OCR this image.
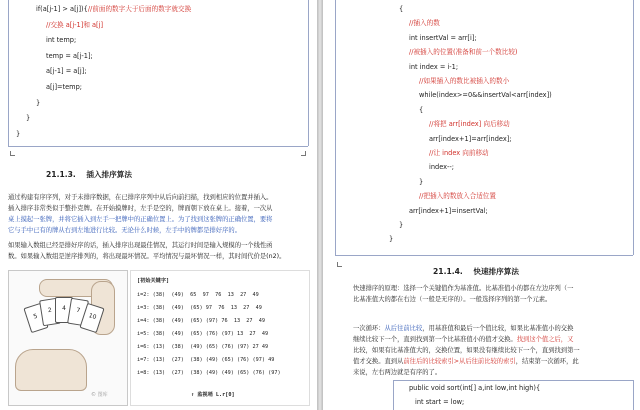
if(a[j-1] > a[j]){//前面的数字大于后面的数字就交换
//交换 a[j-1]和 a[j]
int temp;
temp = a[j-1];
a[j-1] = a[j];
a[j]=temp;
}
}
}
21.1.3. 插入排序算法
通过构建有序序列，对于未排序数据，在已排序序列中从后向前扫描，找到相应的位置并插入。
插入排序非常类似于整扑克牌。在开始摸牌时，左手是空的，牌面朝下放在桌上。接着，一次从
桌上摸起一张牌，并将它插入到左手一把牌中的正确位置上。为了找到这张牌的正确位置，要将
它与手中已有的牌从右到左地进行比较。无论什么时候，左手中的牌都是排好序的。
如果输入数组已经是排好序的话，插入排序出现最佳情况，其运行时间是输入规模的一个线性函
数。如果输入数组是逆序排列的，将出现最坏情况。平均情况与最坏情况一样，其时间代价是(n2)。
5
2	4	7
10
© 图库
[初始关键字]
i=2: (38)  (49)  65  97  76  13  27  49
i=3: (38)  (49)  (65) 97  76  13  27  49
i=4: (38)  (49)  (65) (97) 76  13  27  49
i=5: (38)  (49)  (65) (76) (97) 13  27  49
i=6: (13)  (38)  (49) (65) (76) (97) 27 49
i=7: (13)  (27)  (38) (49) (65) (76) (97) 49
i=8: (13)  (27)  (38) (49) (49) (65) (76) (97)
↑ 监视哨 L.r[0]
{
//插入的数
int insertVal = arr[i];
//被插入的位置(准备和前一个数比较)
int index = i-1;
//如果插入的数比被插入的数小
while(index>=0&&insertVal<arr[index])
{
//将把 arr[index] 向后移动
arr[index+1]=arr[index];
//让 index 向前移动
index--;
}
//把插入的数放入合适位置
arr[index+1]=insertVal;
}
}
21.1.4. 快速排序算法
快速排序的原理：选择一个关键值作为基准值。比基准值小的都在左边序列（一
比基准值大的都在右边（一般是无序的）。一般选择序列的第一个元素。
一次循环：从后往前比较，用基准值和最后一个值比较，如果比基准值小的交换
继续比较下一个，直到找到第一个比基准值小的值才交换。找到这个值之后，又
比较，如果有比基准值大的，交换位置，如果没有继续比较下一个，直到找到第一
值才交换。直到从前往后的比较索引>从后往前比较的索引，结束第一次循环，此
来说，左右两边就是有序的了。
public void sort(int[] a,int low,int high){
int start = low;
